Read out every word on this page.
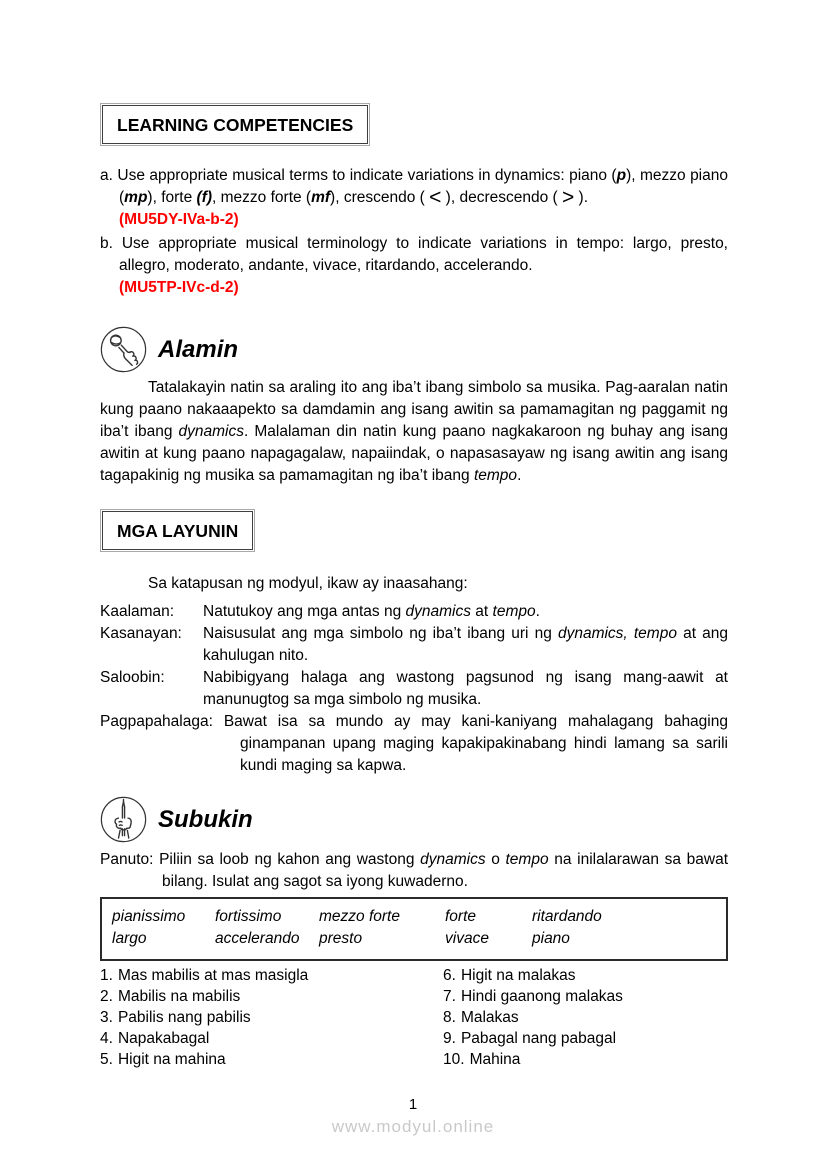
LEARNING COMPETENCIES

a. Use appropriate musical terms to indicate variations in dynamics: piano (p), mezzo piano (mp), forte (f), mezzo forte (mf), crescendo ( < ), decrescendo ( > ).
(MU5DY-IVa-b-2)

b. Use appropriate musical terminology to indicate variations in tempo: largo, presto, allegro, moderato, andante, vivace, ritardando, accelerando.
(MU5TP-IVc-d-2)

Alamin

Tatalakayin natin sa araling ito ang iba’t ibang simbolo sa musika. Pag-aaralan natin kung paano nakaaapekto sa damdamin ang isang awitin sa pamamagitan ng paggamit ng iba’t ibang dynamics. Malalaman din natin kung paano nagkakaroon ng buhay ang isang awitin at kung paano napagagalaw, napaiindak, o napasasayaw ng isang awitin ang isang tagapakinig ng musika sa pamamagitan ng iba’t ibang tempo.

MGA LAYUNIN

Sa katapusan ng modyul, ikaw ay inaasahang:

Kaalaman:	Natutukoy ang mga antas ng dynamics at tempo.
Kasanayan:	Naisusulat ang mga simbolo ng iba’t ibang uri ng dynamics, tempo at ang kahulugan nito.
Saloobin:	Nabibigyang halaga ang wastong pagsunod ng isang mang-aawit at manunugtog sa mga simbolo ng musika.

Pagpapahalaga: Bawat isa sa mundo ay may kani-kaniyang mahalagang bahaging ginampanan upang maging kapakipakinabang hindi lamang sa sarili kundi maging sa kapwa.

Subukin

Panuto: Piliin sa loob ng kahon ang wastong dynamics o tempo na inilalarawan sa bawat bilang. Isulat ang sagot sa iyong kuwaderno.

pianissimo	fortissimo	mezzo forte	forte	ritardando
largo	accelerando	presto	vivace	piano

1. Mas mabilis at mas masigla

2. Mabilis na mabilis

3. Pabilis nang pabilis

4. Napakabagal

5. Higit na mahina

6. Higit na malakas

7. Hindi gaanong malakas

8. Malakas

9. Pabagal nang pabagal

10. Mahina

1
www.modyul.online
